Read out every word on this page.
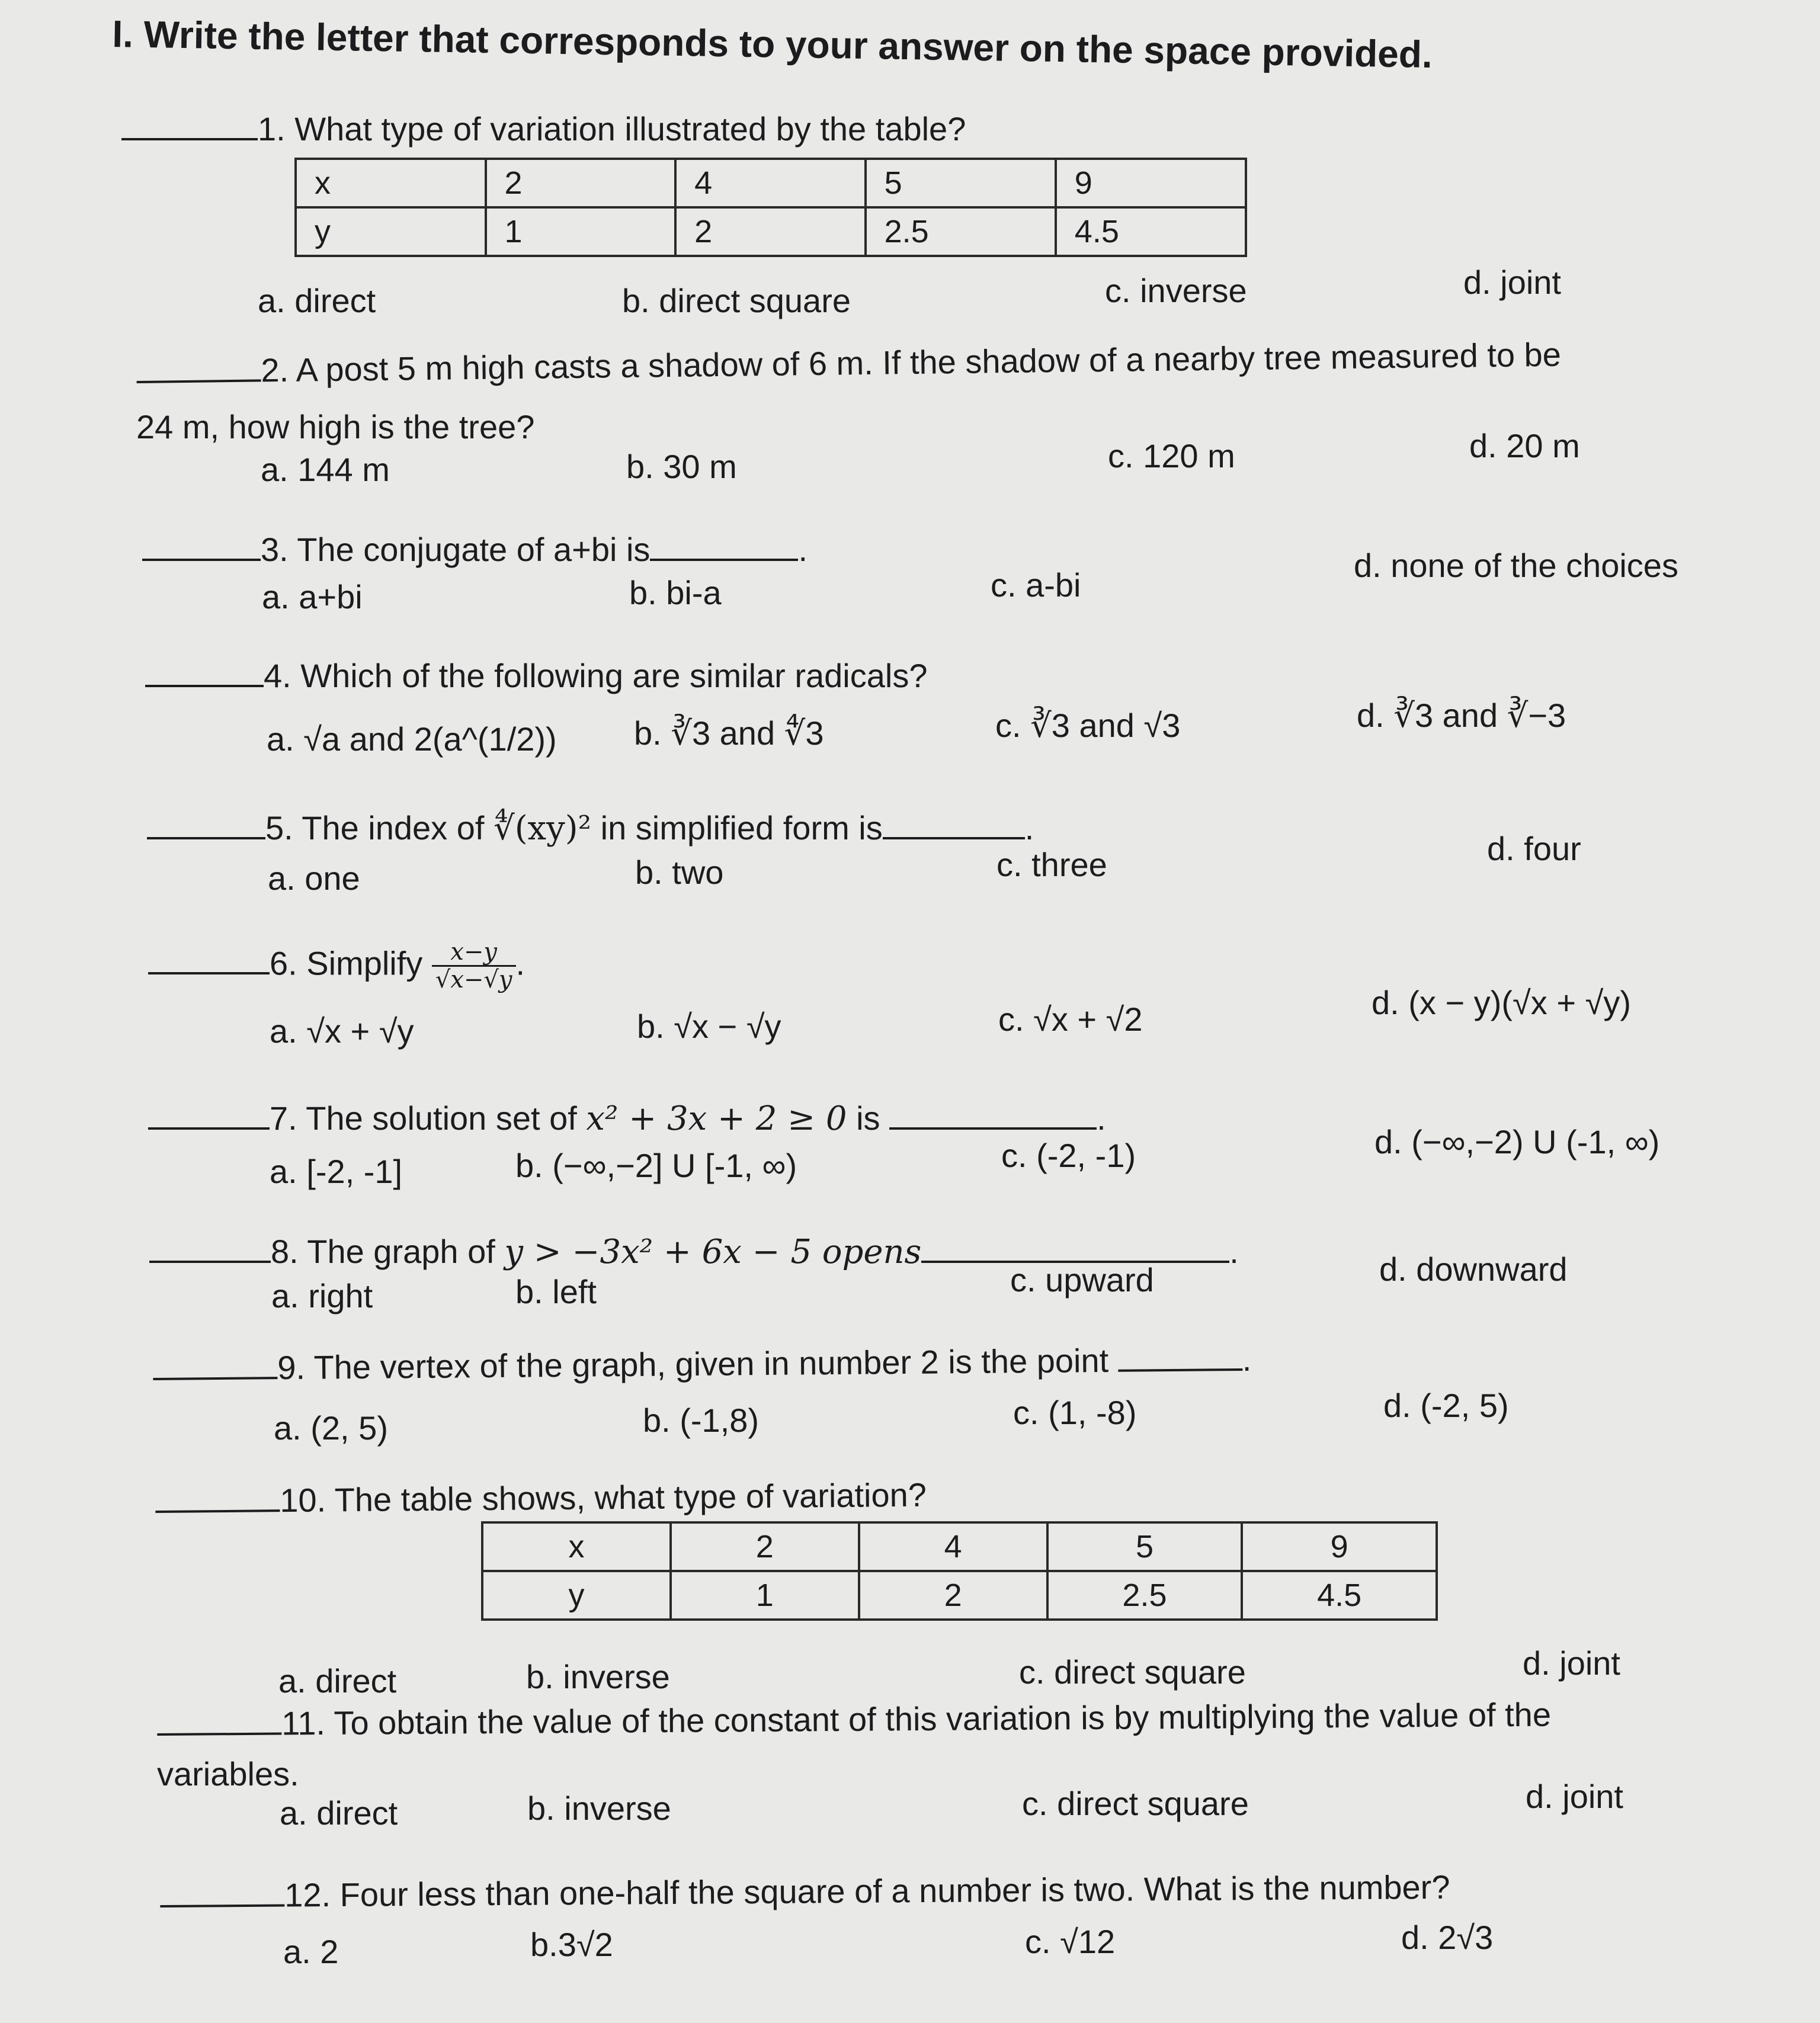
I. Write the letter that corresponds to your answer on the space provided.
1. What type of variation illustrated by the table?
x	2	4	5	9
y	1	2	2.5	4.5
a. direct	b. direct square	c. inverse	d. joint
2. A post 5 m high casts a shadow of 6 m. If the shadow of a nearby tree measured to be
24 m, how high is the tree?
a. 144 m	b. 30 m	c. 120 m	d. 20 m
3. The conjugate of a+bi is	.
a. a+bi	b. bi-a	c. a-bi
d. none of the choices
4. Which of the following are similar radicals?
a. √a and 2(a^(1/2)) b. ∛3 and ∜3	c. ∛3 and √3	d. ∛3 and ∛−3
5. The index of ∜(xy)² in simplified form is	.
a. one	b. two	c. three	d. four
6. Simplify $\frac{x-y}{√x-√y}$ .
a. √x + √y	b. √x − √y	c. √x + √2	d. (x − y)(√x + √y)
7. The solution set of x² + 3x + 2 ≥ 0 is	.
a. [-2, -1]	b. (−∞,−2] U [-1, ∞)	c. (-2, -1)	d. (−∞,−2) U (-1, ∞)
8. The graph of y > −3x² + 6x − 5 opens	.
a. right	b. left	c. upward	d. downward
9. The vertex of the graph, given in number 2 is the point	.
a. (2, 5)	b. (-1,8)	c. (1, -8)	d. (-2, 5)
10. The table shows, what type of variation?
x	2	4	5	9
y	1	2	2.5	4.5
a. direct	b. inverse	c. direct square	d. joint
11. To obtain the value of the constant of this variation is by multiplying the value of the
variables.
a. direct	b. inverse	c. direct square	d. joint
12. Four less than one-half the square of a number is two. What is the number?
a. 2	b.3√2	c. √12	d. 2√3
